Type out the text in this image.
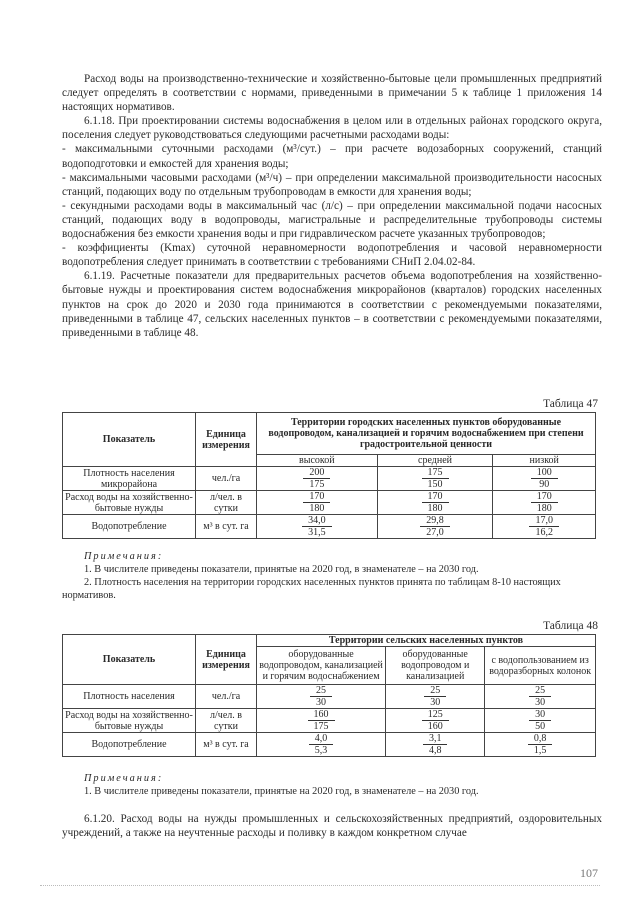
Расход воды на производственно-технические и хозяйственно-бытовые цели промышленных предприятий следует определять в соответствии с нормами, приведенными в примечании 5 к таблице 1 приложения 14 настоящих нормативов.

6.1.18. При проектировании системы водоснабжения в целом или в отдельных районах городского округа, поселения следует руководствоваться следующими расчетными расходами воды:

- максимальными суточными расходами (м³/сут.) – при расчете водозаборных сооружений, станций водоподготовки и емкостей для хранения воды;

- максимальными часовыми расходами (м³/ч) – при определении максимальной производительности насосных станций, подающих воду по отдельным трубопроводам в емкости для хранения воды;

- секундными расходами воды в максимальный час (л/с) – при определении максимальной подачи насосных станций, подающих воду в водопроводы, магистральные и распределительные трубопроводы системы водоснабжения без емкости хранения воды и при гидравлическом расчете указанных трубопроводов;

- коэффициенты (Kmax) суточной неравномерности водопотребления и часовой неравномерности водопотребления следует принимать в соответствии с требованиями СНиП 2.04.02-84.

6.1.19. Расчетные показатели для предварительных расчетов объема водопотребления на хозяйственно-бытовые нужды и проектирования систем водоснабжения микрорайонов (кварталов) городских населенных пунктов на срок до 2020 и 2030 года принимаются в соответствии с рекомендуемыми показателями, приведенными в таблице 47, сельских населенных пунктов – в соответствии с рекомендуемыми показателями, приведенными в таблице 48.

Таблица 47
Показатель	Единица измерения	Территории городских населенных пунктов оборудованные водопроводом, канализацией и горячим водоснабжением при степени градостроительной ценности		
		высокой	средней	низкой
Плотность населения микрорайона	чел./га	$\frac{200}{175}$	$\frac{175}{150}$	$\frac{100}{90}$

Расход воды на хозяйственно-бытовые нужды	л/чел. в сутки	$\frac{170}{180}$	$\frac{170}{180}$	$\frac{170}{180}$

Водопотребление	м³ в сут. га	$\frac{34,0}{31,5}$	$\frac{29,8}{27,0}$	$\frac{17,0}{16,2}$
Примечания:
1. В числителе приведены показатели, принятые на 2020 год, в знаменателе – на 2030 год.
2. Плотность населения на территории городских населенных пунктов принята по таблицам 8-10 настоящих нормативов.
Таблица 48
Показатель	Единица измерения	Территории сельских населенных пунктов		
		оборудованные водопроводом, канализацией и горячим водоснабжением	оборудованные водопроводом и канализацией	с водопользованием из водоразборных колонок
Плотность населения	чел./га	$\frac{25}{30}$	$\frac{25}{30}$	$\frac{25}{30}$

Расход воды на хозяйственно-бытовые нужды	л/чел. в сутки	$\frac{160}{175}$	$\frac{125}{160}$	$\frac{30}{50}$

Водопотребление	м³ в сут. га	$\frac{4,0}{5,3}$	$\frac{3,1}{4,8}$	$\frac{0,8}{1,5}$
Примечания:
1. В числителе приведены показатели, принятые на 2020 год, в знаменателе – на 2030 год.

6.1.20. Расход воды на нужды промышленных и сельскохозяйственных предприятий, оздоровительных учреждений, а также на неучтенные расходы и поливку в каждом конкретном случае

107
